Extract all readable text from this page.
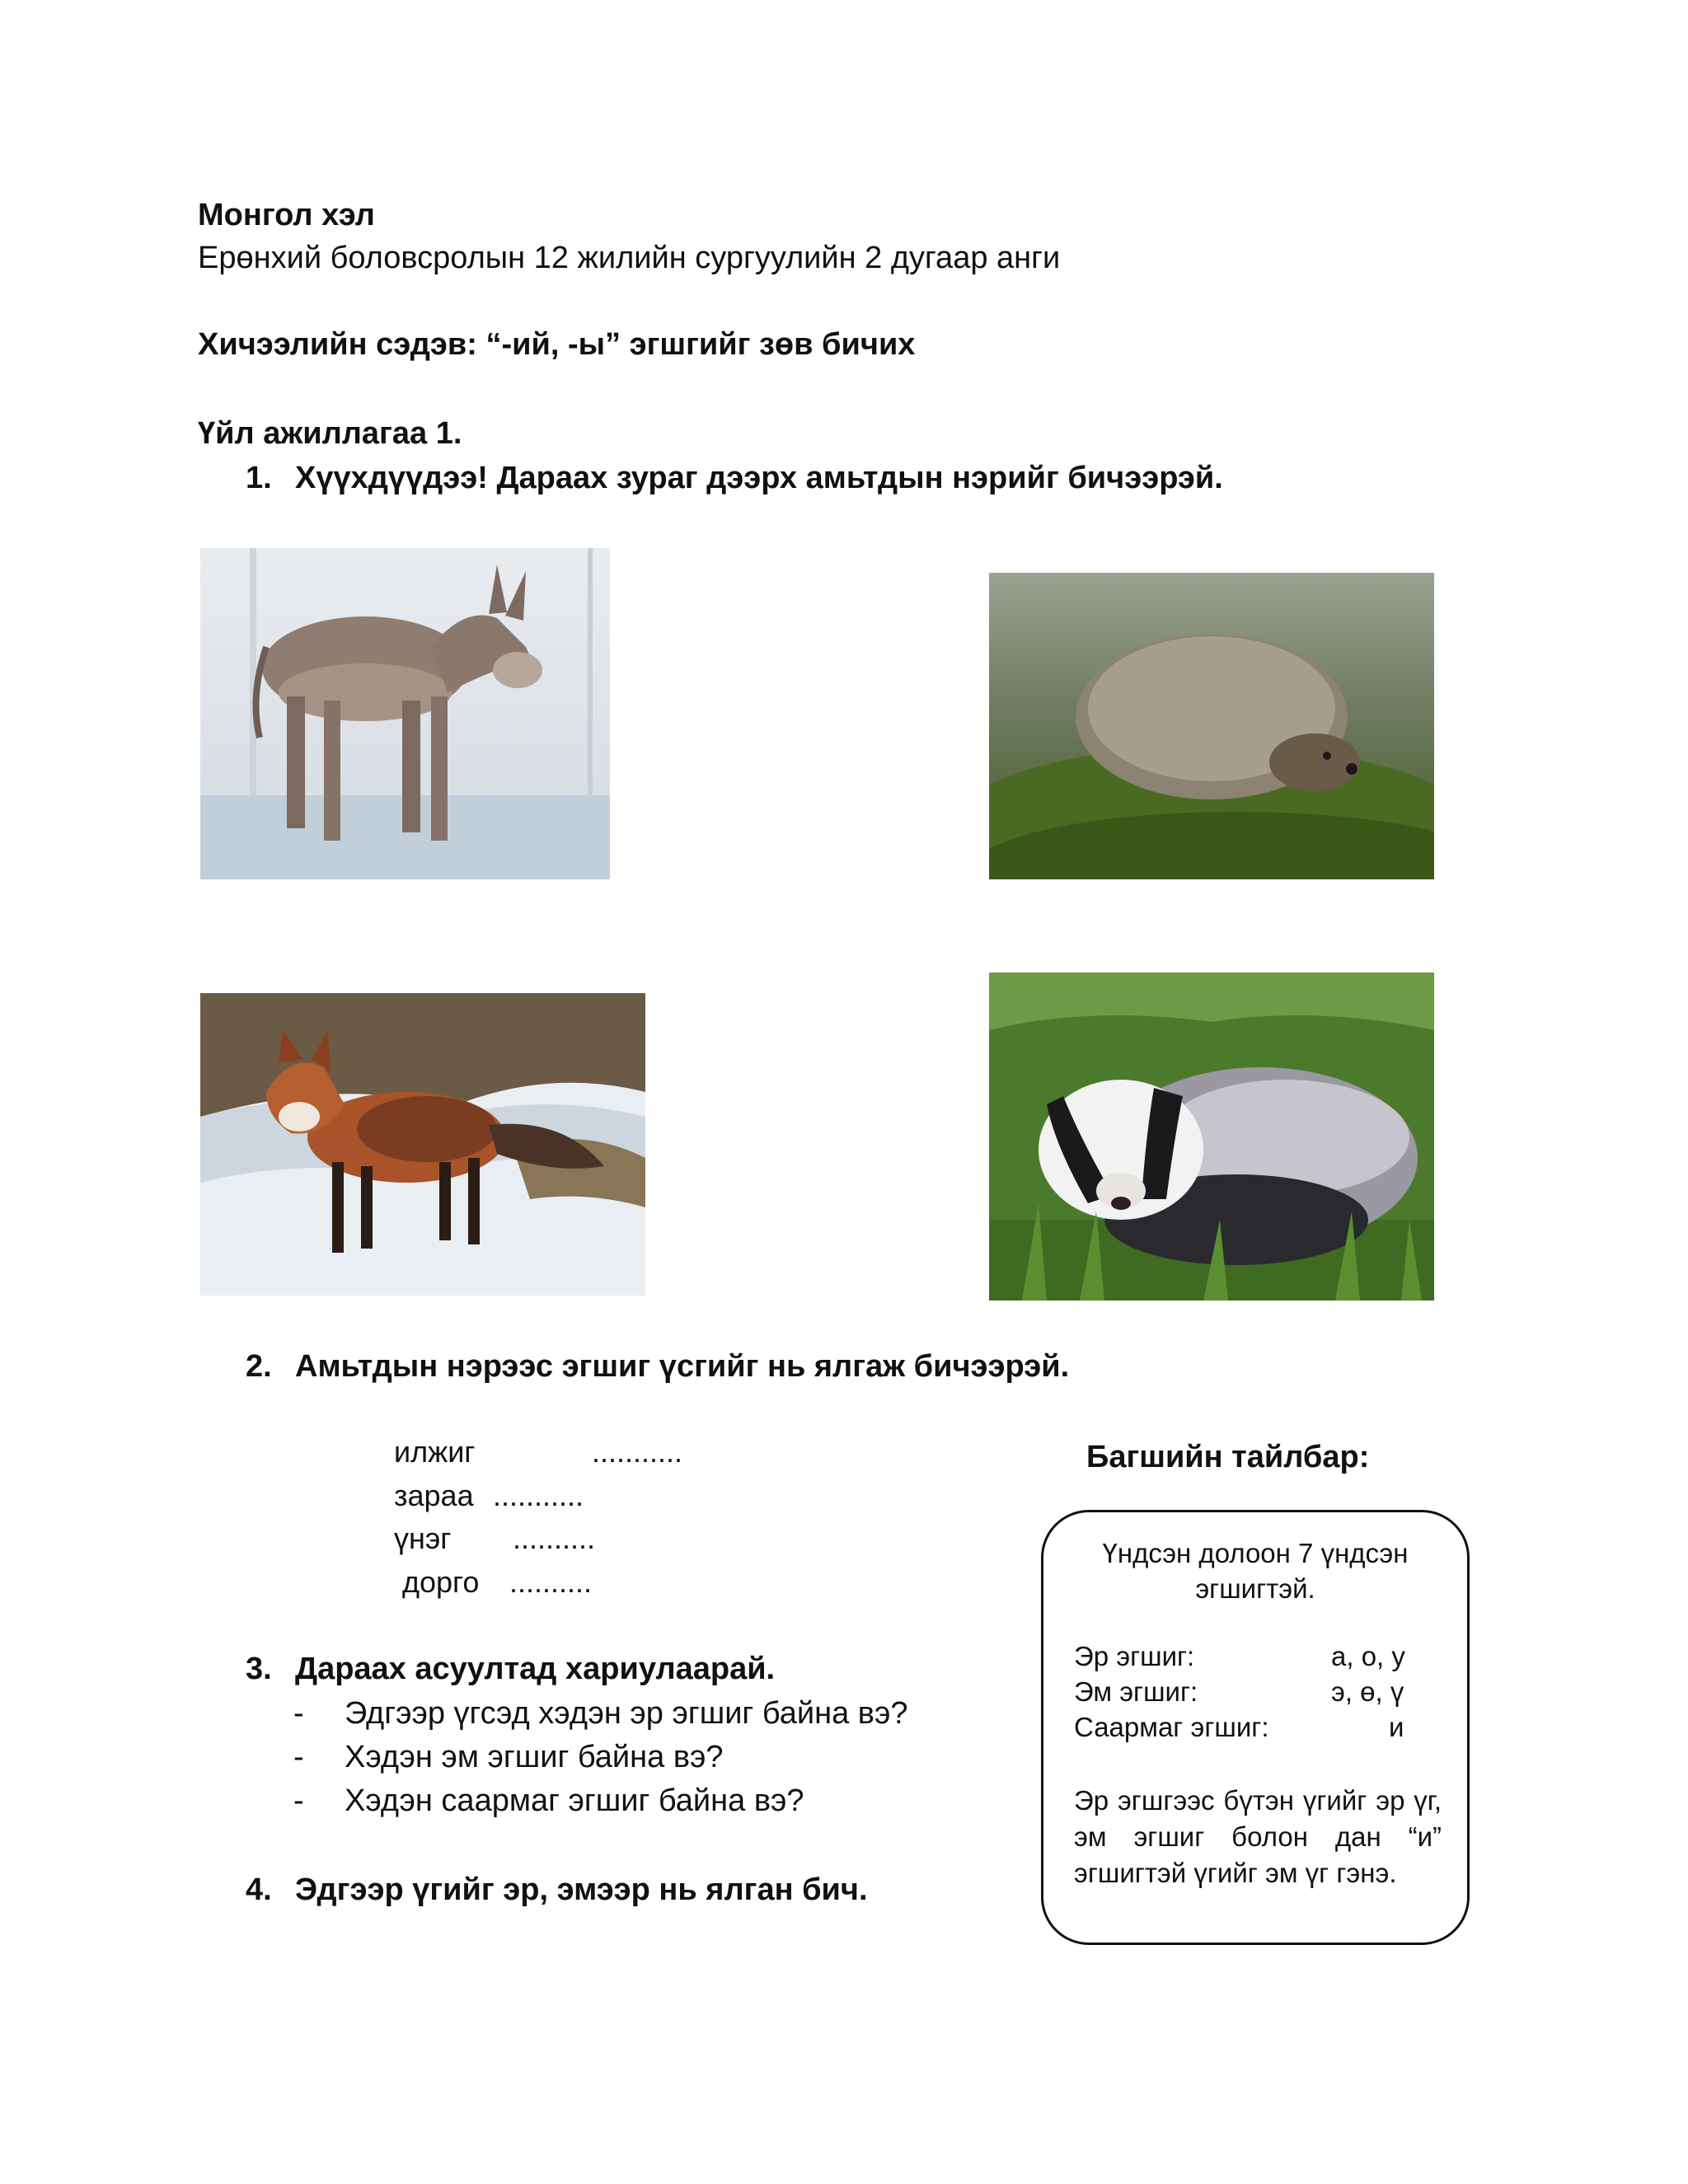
Монгол хэл
Ерөнхий боловсролын 12 жилийн сургуулийн 2 дугаар анги
Хичээлийн сэдэв: “-ий, -ы” эгшгийг зөв бичих
Үйл ажиллагаа 1.
1. Хүүхдүүдээ! Дараах зураг дээрх амьтдын нэрийг бичээрэй.
2. Амьтдын нэрээс эгшиг үсгийг нь ялгаж бичээрэй.
илжиг	...........
зараа ...........
үнэг ..........
дорго ..........
3. Дараах асуултад хариулаарай.
- Эдгээр үгсэд хэдэн эр эгшиг байна вэ?
- Хэдэн эм эгшиг байна вэ?
- Хэдэн саармаг эгшиг байна вэ?
4. Эдгээр үгийг эр, эмээр нь ялган бич.
Багшийн тайлбар:
Үндсэн долоон 7 үндсэн
эгшигтэй.
Эр эгшиг:	а, о, у
Эм эгшиг:	э, ө, ү
Саармаг эгшиг:	и
Эр эгшгээс бүтэн үгийг эр үг, эм эгшиг болон дан “и” эгшигтэй үгийг эм үг гэнэ.
